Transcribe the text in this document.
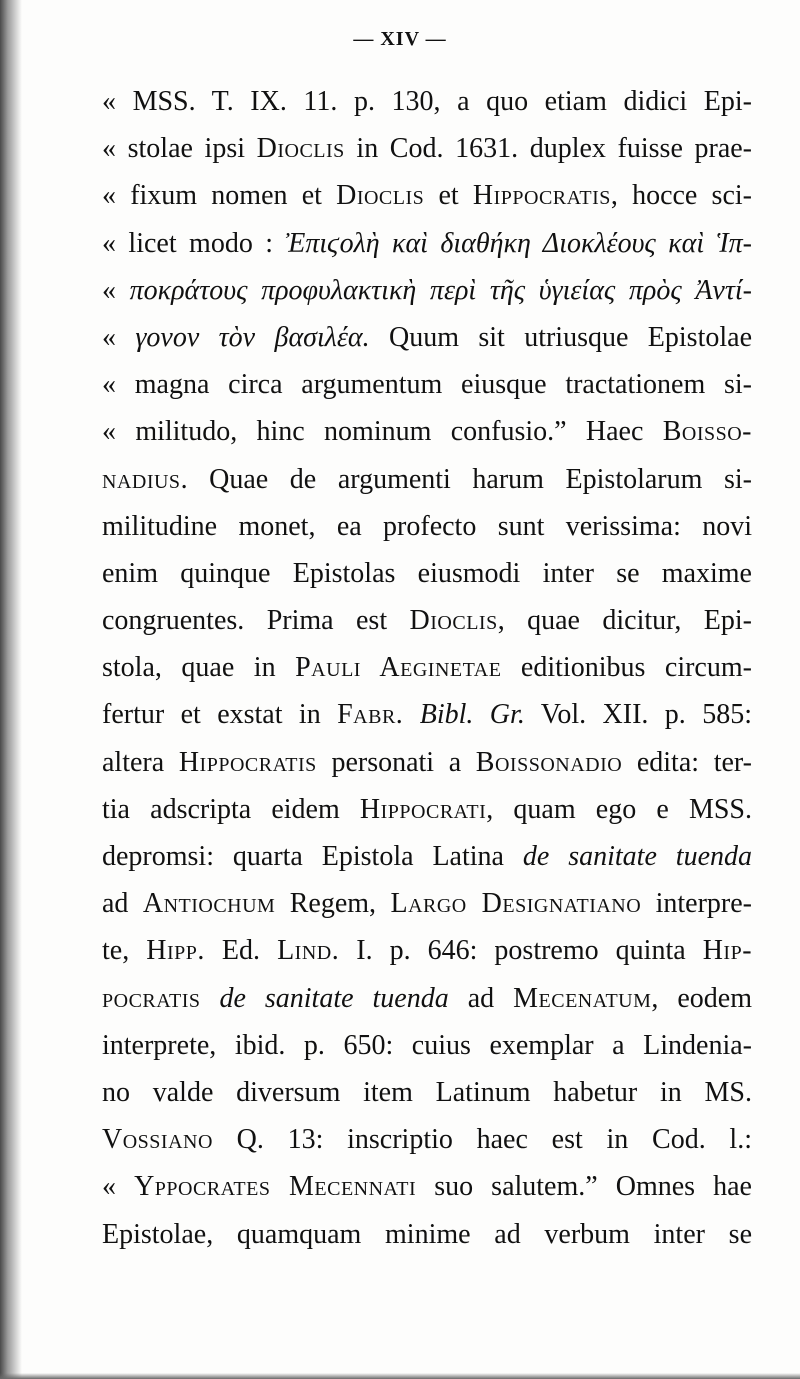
— XIV —
« MSS. T. IX. 11. p. 130, a quo etiam didici Epi-
« stolae ipsi Dioclis in Cod. 1631. duplex fuisse prae-
« fixum nomen et Dioclis et Hippocratis, hocce sci-
« licet modo : Ἐπιϛολὴ καὶ διαθήκη Διοκλέους καὶ Ἱπ-
« ποκράτους προφυλακτικὴ περὶ τῆς ὑγιείας πρὸς Ἀντί-
« γονον τὸν βασιλέα. Quum sit utriusque Epistolae
« magna circa argumentum eiusque tractationem si-
« militudo, hinc nominum confusio.” Haec Boisso-
nadius. Quae de argumenti harum Epistolarum si-
militudine monet, ea profecto sunt verissima: novi
enim quinque Epistolas eiusmodi inter se maxime
congruentes. Prima est Dioclis, quae dicitur, Epi-
stola, quae in Pauli Aeginetae editionibus circum-
fertur et exstat in Fabr. Bibl. Gr. Vol. XII. p. 585:
altera Hippocratis personati a Boissonadio edita: ter-
tia adscripta eidem Hippocrati, quam ego e MSS.
depromsi: quarta Epistola Latina de sanitate tuenda
ad Antiochum Regem, Largo Designatiano interpre-
te, Hipp. Ed. Lind. I. p. 646: postremo quinta Hip-
pocratis de sanitate tuenda ad Mecenatum, eodem
interprete, ibid. p. 650: cuius exemplar a Lindenia-
no valde diversum item Latinum habetur in MS.
Vossiano Q. 13: inscriptio haec est in Cod. l.:
« Yppocrates Mecennati suo salutem.” Omnes hae
Epistolae, quamquam minime ad verbum inter se
